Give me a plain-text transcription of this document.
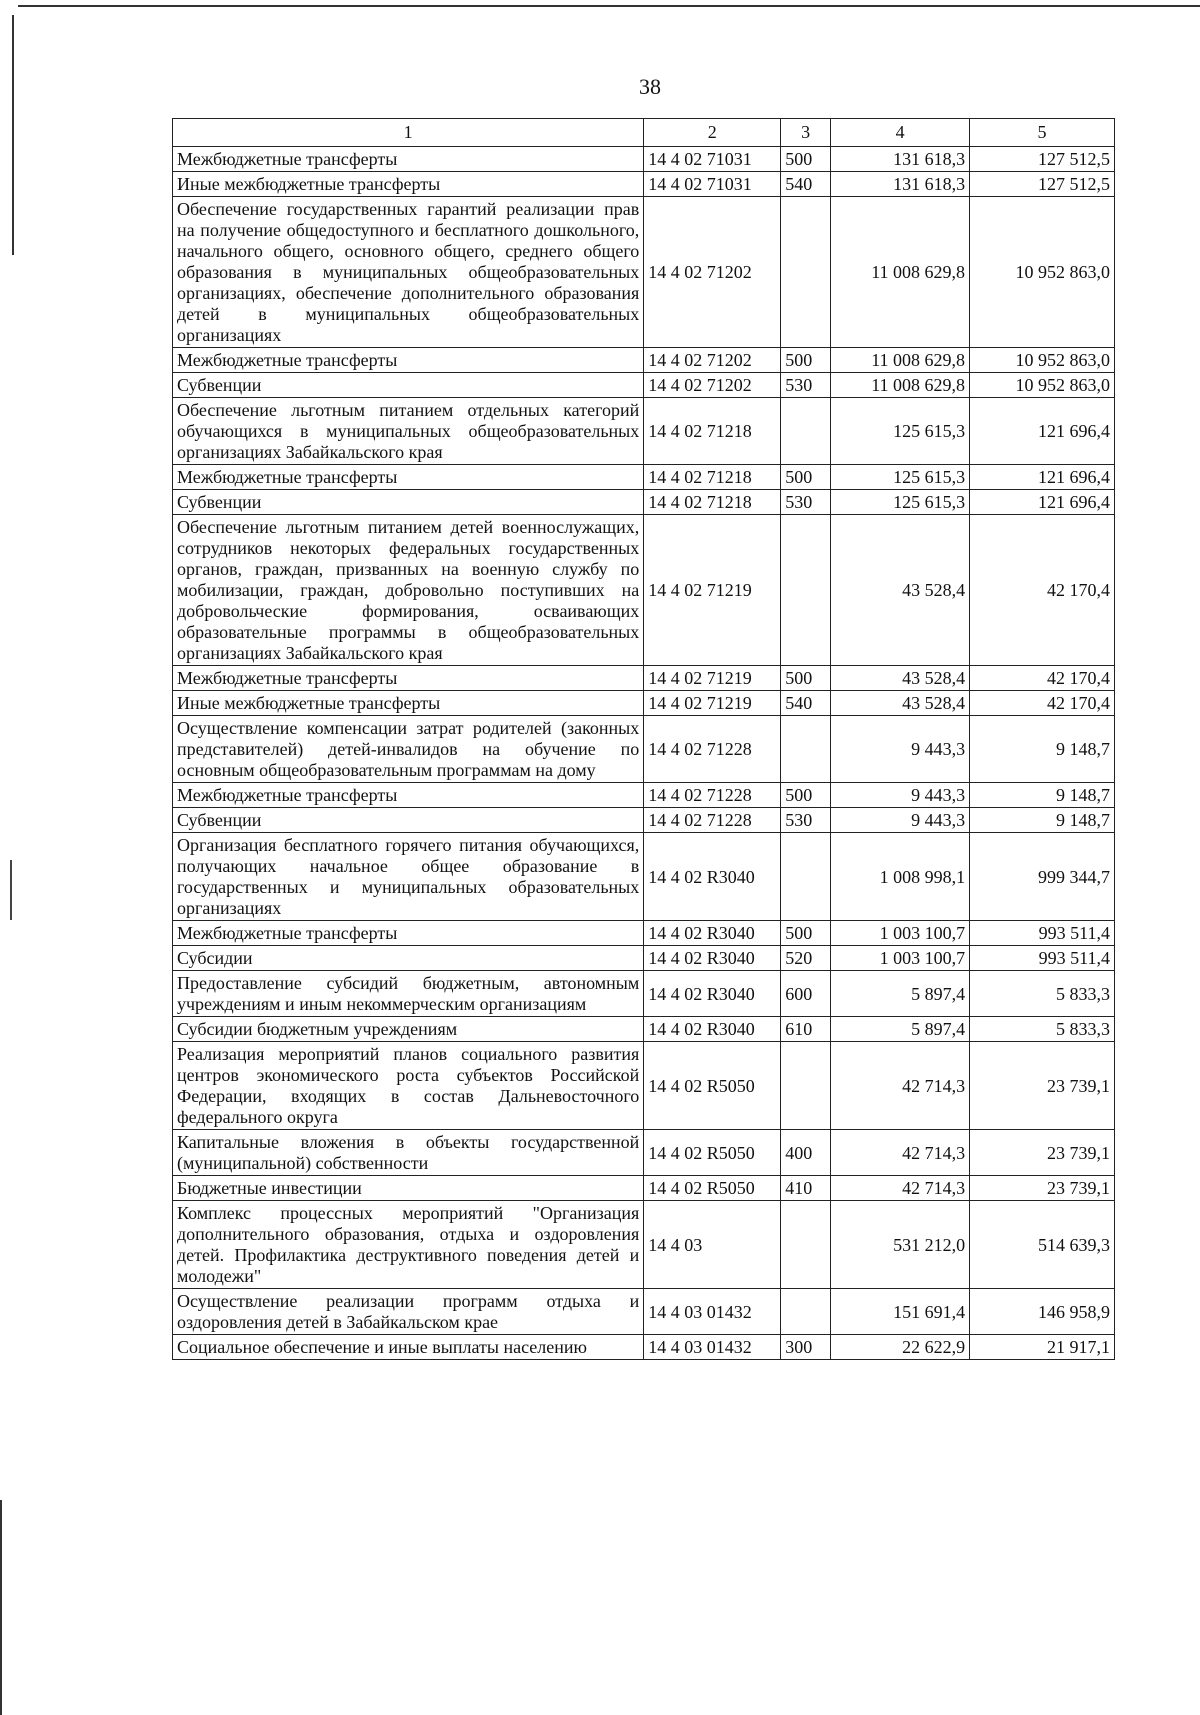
38
1	2	3	4	5
Межбюджетные трансферты	14 4 02 71031	500	131 618,3	127 512,5
Иные межбюджетные трансферты	14 4 02 71031	540	131 618,3	127 512,5
Обеспечение государственных гарантий реализации прав на получение общедоступного и бесплатного дошкольного, начального общего, основного общего, среднего общего образования в муниципальных общеобразовательных организациях, обеспечение дополнительного образования детей в муниципальных общеобразовательных организациях	14 4 02 71202		11 008 629,8	10 952 863,0
Межбюджетные трансферты	14 4 02 71202	500	11 008 629,8	10 952 863,0
Субвенции	14 4 02 71202	530	11 008 629,8	10 952 863,0
Обеспечение льготным питанием отдельных категорий обучающихся в муниципальных общеобразовательных организациях Забайкальского края	14 4 02 71218		125 615,3	121 696,4
Межбюджетные трансферты	14 4 02 71218	500	125 615,3	121 696,4
Субвенции	14 4 02 71218	530	125 615,3	121 696,4
Обеспечение льготным питанием детей военнослужащих, сотрудников некоторых федеральных государственных органов, граждан, призванных на военную службу по мобилизации, граждан, добровольно поступивших на добровольческие формирования, осваивающих образовательные программы в общеобразовательных организациях Забайкальского края	14 4 02 71219		43 528,4	42 170,4
Межбюджетные трансферты	14 4 02 71219	500	43 528,4	42 170,4
Иные межбюджетные трансферты	14 4 02 71219	540	43 528,4	42 170,4
Осуществление компенсации затрат родителей (законных представителей) детей-инвалидов на обучение по основным общеобразовательным программам на дому	14 4 02 71228		9 443,3	9 148,7
Межбюджетные трансферты	14 4 02 71228	500	9 443,3	9 148,7
Субвенции	14 4 02 71228	530	9 443,3	9 148,7
Организация бесплатного горячего питания обучающихся, получающих начальное общее образование в государственных и муниципальных образовательных организациях	14 4 02 R3040		1 008 998,1	999 344,7
Межбюджетные трансферты	14 4 02 R3040	500	1 003 100,7	993 511,4
Субсидии	14 4 02 R3040	520	1 003 100,7	993 511,4
Предоставление субсидий бюджетным, автономным учреждениям и иным некоммерческим организациям	14 4 02 R3040	600	5 897,4	5 833,3
Субсидии бюджетным учреждениям	14 4 02 R3040	610	5 897,4	5 833,3
Реализация мероприятий планов социального развития центров экономического роста субъектов Российской Федерации, входящих в состав Дальневосточного федерального округа	14 4 02 R5050		42 714,3	23 739,1
Капитальные вложения в объекты государственной (муниципальной) собственности	14 4 02 R5050	400	42 714,3	23 739,1
Бюджетные инвестиции	14 4 02 R5050	410	42 714,3	23 739,1
Комплекс процессных мероприятий "Организация дополнительного образования, отдыха и оздоровления детей. Профилактика деструктивного поведения детей и молодежи"	14 4 03		531 212,0	514 639,3
Осуществление реализации программ отдыха и оздоровления детей в Забайкальском крае	14 4 03 01432		151 691,4	146 958,9
Социальное обеспечение и иные выплаты населению	14 4 03 01432	300	22 622,9	21 917,1
